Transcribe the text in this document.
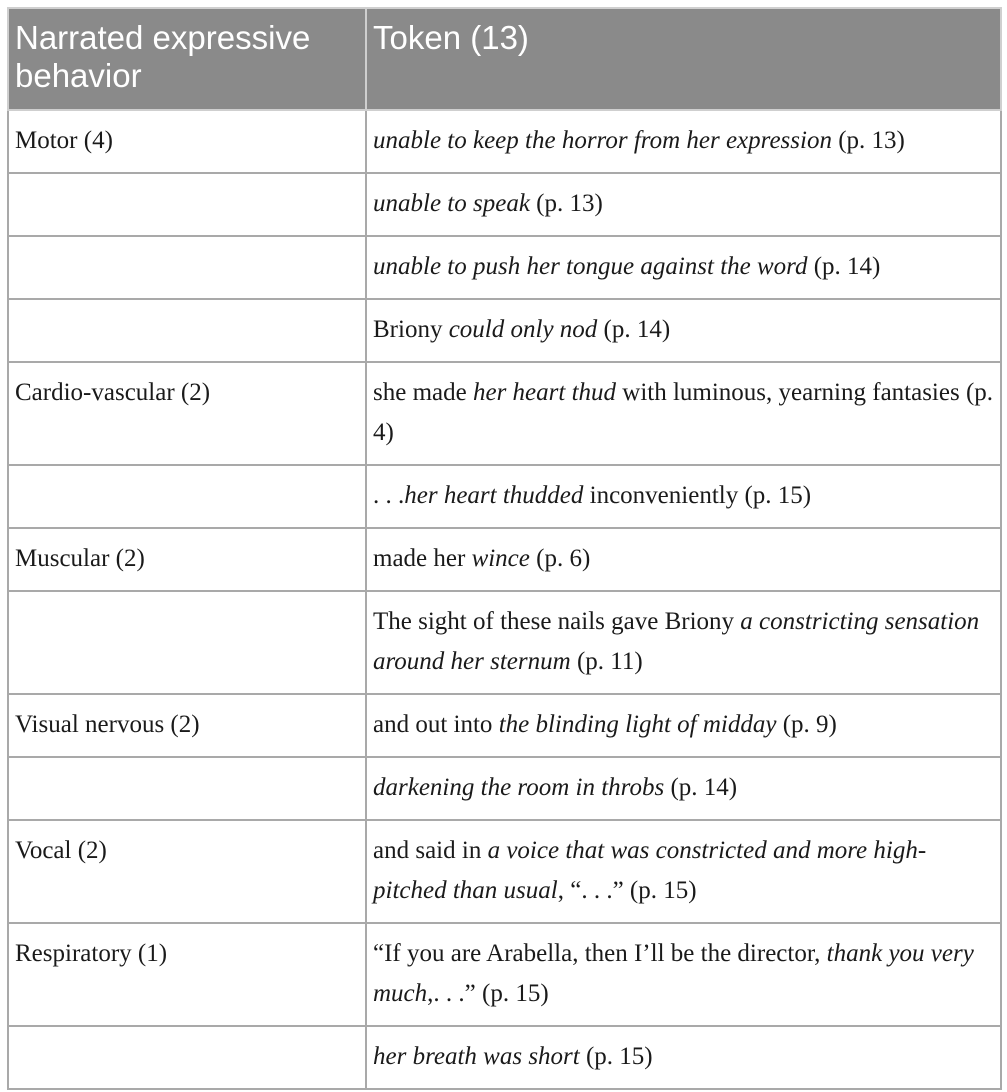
Narrated expressive behavior	Token (13)
Motor (4)	unable to keep the horror from her expression (p. 13)
	unable to speak (p. 13)
	unable to push her tongue against the word (p. 14)
	Briony could only nod (p. 14)
Cardio-vascular (2)	she made her heart thud with luminous, yearning fantasies (p. 4)
	. . .her heart thudded inconveniently (p. 15)
Muscular (2)	made her wince (p. 6)
	The sight of these nails gave Briony a constricting sensation around her sternum (p. 11)
Visual nervous (2)	and out into the blinding light of midday (p. 9)
	darkening the room in throbs (p. 14)
Vocal (2)	and said in a voice that was constricted and more high- pitched than usual, “. . .” (p. 15)
Respiratory (1)	“If you are Arabella, then I’ll be the director, thank you very much,. . .” (p. 15)
	her breath was short (p. 15)
